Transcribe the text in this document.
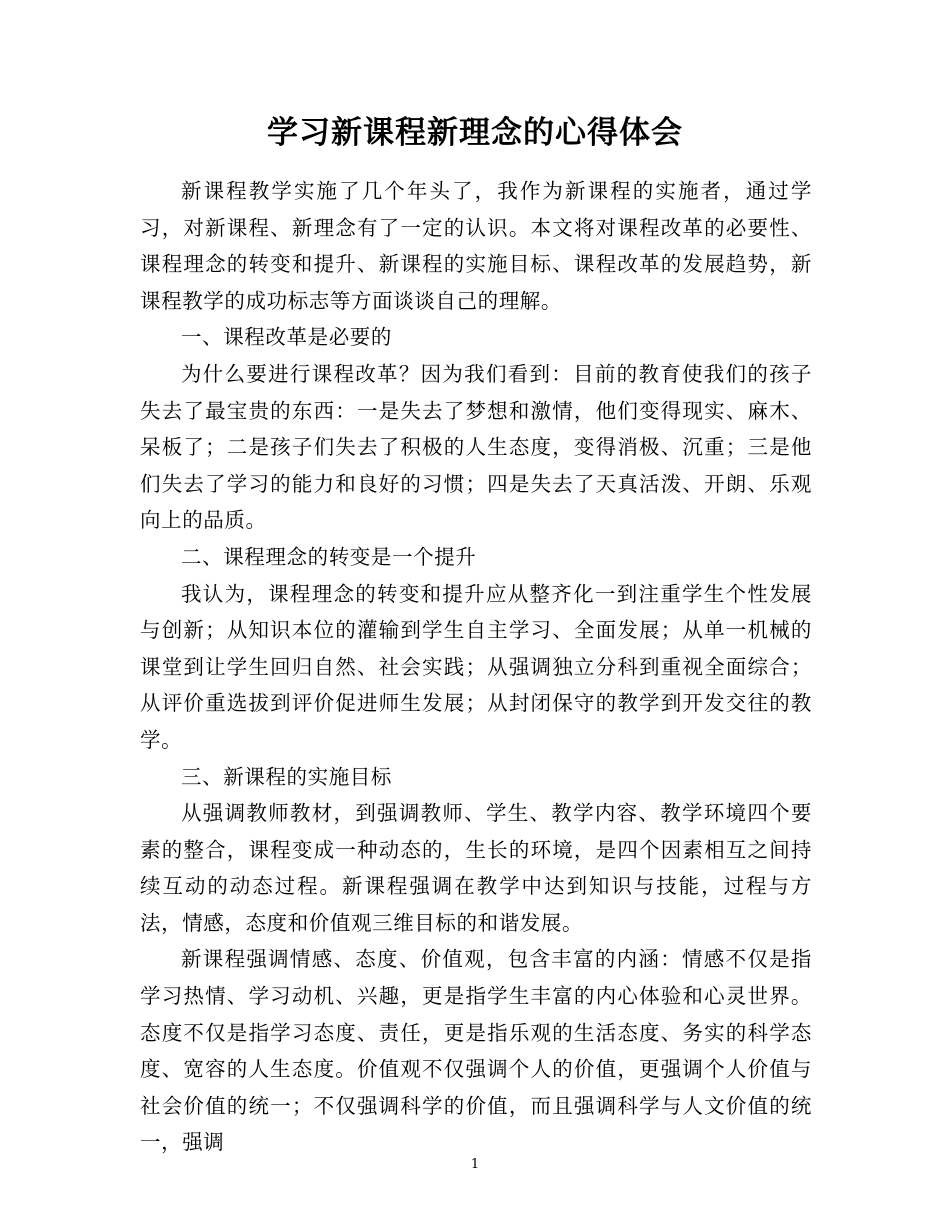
学习新课程新理念的心得体会

新课程教学实施了几个年头了，我作为新课程的实施者，通过学习，对新课程、新理念有了一定的认识。本文将对课程改革的必要性、课程理念的转变和提升、新课程的实施目标、课程改革的发展趋势，新课程教学的成功标志等方面谈谈自己的理解。

一、课程改革是必要的

为什么要进行课程改革？因为我们看到：目前的教育使我们的孩子失去了最宝贵的东西：一是失去了梦想和激情，他们变得现实、麻木、呆板了；二是孩子们失去了积极的人生态度，变得消极、沉重；三是他们失去了学习的能力和良好的习惯；四是失去了天真活泼、开朗、乐观向上的品质。

二、课程理念的转变是一个提升

我认为，课程理念的转变和提升应从整齐化一到注重学生个性发展与创新；从知识本位的灌输到学生自主学习、全面发展；从单一机械的课堂到让学生回归自然、社会实践；从强调独立分科到重视全面综合；从评价重选拔到评价促进师生发展；从封闭保守的教学到开发交往的教学。

三、新课程的实施目标

从强调教师教材，到强调教师、学生、教学内容、教学环境四个要素的整合，课程变成一种动态的，生长的环境，是四个因素相互之间持续互动的动态过程。新课程强调在教学中达到知识与技能，过程与方法，情感，态度和价值观三维目标的和谐发展。

新课程强调情感、态度、价值观，包含丰富的内涵：情感不仅是指学习热情、学习动机、兴趣，更是指学生丰富的内心体验和心灵世界。态度不仅是指学习态度、责任，更是指乐观的生活态度、务实的科学态度、宽容的人生态度。价值观不仅强调个人的价值，更强调个人价值与社会价值的统一；不仅强调科学的价值，而且强调科学与人文价值的统一，强调

1
